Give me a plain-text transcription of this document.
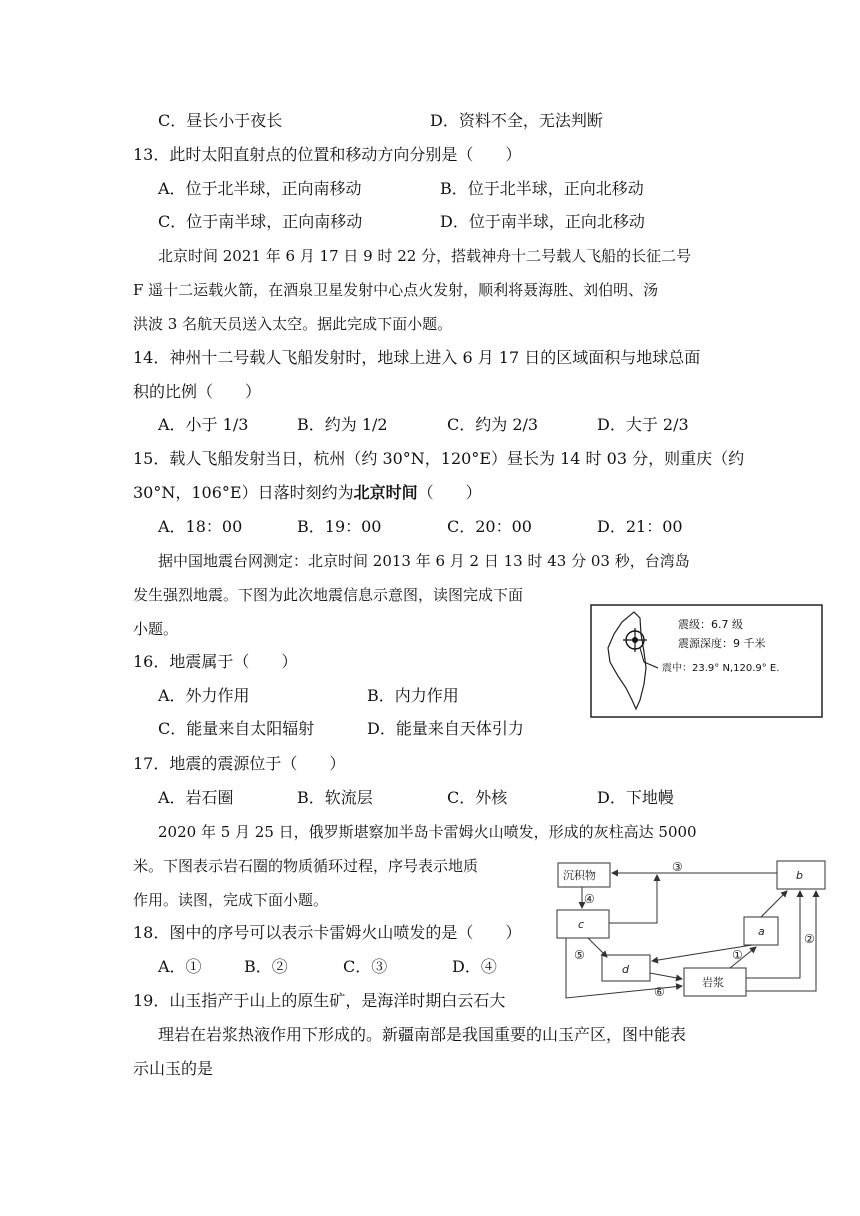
C．昼长小于夜长	D．资料不全，无法判断
13．此时太阳直射点的位置和移动方向分别是（　　）
A．位于北半球，正向南移动	B．位于北半球，正向北移动
C．位于南半球，正向南移动	D．位于南半球，正向北移动
北京时间 2021 年 6 月 17 日 9 时 22 分，搭载神舟十二号载人飞船的长征二号
F 遥十二运载火箭，在酒泉卫星发射中心点火发射，顺利将聂海胜、刘伯明、汤
洪波 3 名航天员送入太空。据此完成下面小题。
14．神州十二号载人飞船发射时，地球上进入 6 月 17 日的区域面积与地球总面
积的比例（　　）
A．小于 1/3	B．约为 1/2	C．约为 2/3	D．大于 2/3
15．载人飞船发射当日，杭州（约 30°N，120°E）昼长为 14 时 03 分，则重庆（约
30°N，106°E）日落时刻约为北京时间（　　）
A．18：00	B．19：00	C．20：00	D．21：00
据中国地震台网测定：北京时间 2013 年 6 月 2 日 13 时 43 分 03 秒，台湾岛
发生强烈地震。下图为此次地震信息示意图，读图完成下面
小题。	震级：6.7 级
震源深度：9 千米
震中：23.9° N,120.9° E.
16．地震属于（　　）
A．外力作用	B．内力作用
C．能量来自太阳辐射	D．能量来自天体引力
17．地震的震源位于（　　）
A．岩石圈	B．软流层	C．外核	D．下地幔
2020 年 5 月 25 日，俄罗斯堪察加半岛卡雷姆火山喷发，形成的灰柱高达 5000
米。下图表示岩石圈的物质循环过程，序号表示地质
作用。读图，完成下面小题。
沉积物	b
c
a
d
岩浆
③
④
①
②
⑤
⑥
18．图中的序号可以表示卡雷姆火山喷发的是（　　）
A．①	B．②	C．③	D．④
19．山玉指产于山上的原生矿，是海洋时期白云石大
理岩在岩浆热液作用下形成的。新疆南部是我国重要的山玉产区，图中能表
示山玉的是
